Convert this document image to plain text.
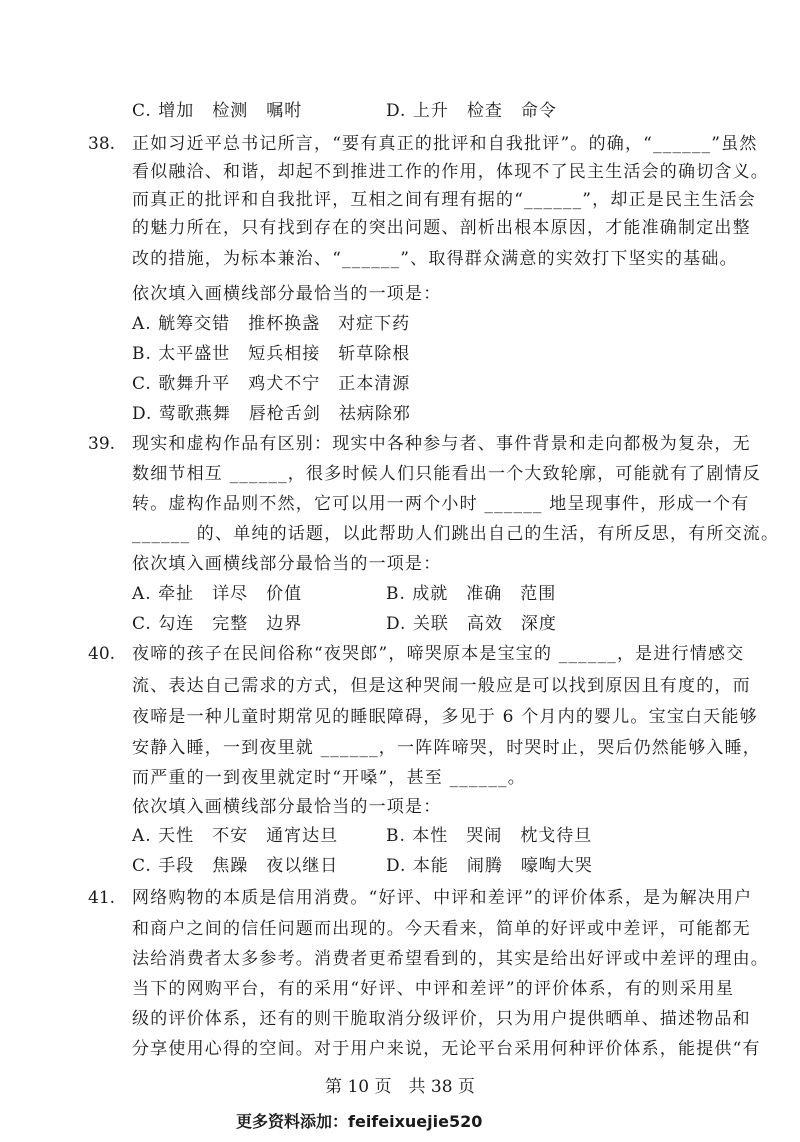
C. 增加　检测　嘱咐	D. 上升　检查　命令
38. 正如习近平总书记所言，“要有真正的批评和自我批评”。的确，“______”虽然
看似融洽、和谐，却起不到推进工作的作用，体现不了民主生活会的确切含义。
而真正的批评和自我批评，互相之间有理有据的“______”，却正是民主生活会
的魅力所在，只有找到存在的突出问题、剖析出根本原因，才能准确制定出整
改的措施，为标本兼治、“______”、取得群众满意的实效打下坚实的基础。
依次填入画横线部分最恰当的一项是：
A. 觥筹交错　推杯换盏　对症下药
B. 太平盛世　短兵相接　斩草除根
C. 歌舞升平　鸡犬不宁　正本清源
D. 莺歌燕舞　唇枪舌剑　祛病除邪
39. 现实和虚构作品有区别：现实中各种参与者、事件背景和走向都极为复杂，无
数细节相互 ______，很多时候人们只能看出一个大致轮廓，可能就有了剧情反
转。虚构作品则不然，它可以用一两个小时 ______ 地呈现事件，形成一个有
______ 的、单纯的话题，以此帮助人们跳出自己的生活，有所反思，有所交流。
依次填入画横线部分最恰当的一项是：
A. 牵扯　详尽　价值	B. 成就　准确　范围
C. 勾连　完整　边界	D. 关联　高效　深度
40. 夜啼的孩子在民间俗称“夜哭郎”，啼哭原本是宝宝的 ______，是进行情感交
流、表达自己需求的方式，但是这种哭闹一般应是可以找到原因且有度的，而
夜啼是一种儿童时期常见的睡眠障碍，多见于 6 个月内的婴儿。宝宝白天能够
安静入睡，一到夜里就 ______，一阵阵啼哭，时哭时止，哭后仍然能够入睡，
而严重的一到夜里就定时“开嗓”，甚至 ______。
依次填入画横线部分最恰当的一项是：
A. 天性　不安　通宵达旦	B. 本性　哭闹　枕戈待旦
C. 手段　焦躁　夜以继日	D. 本能　闹腾　嚎啕大哭
41. 网络购物的本质是信用消费。“好评、中评和差评”的评价体系，是为解决用户
和商户之间的信任问题而出现的。今天看来，简单的好评或中差评，可能都无
法给消费者太多参考。消费者更希望看到的，其实是给出好评或中差评的理由。
当下的网购平台，有的采用“好评、中评和差评”的评价体系，有的则采用星
级的评价体系，还有的则干脆取消分级评价，只为用户提供晒单、描述物品和
分享使用心得的空间。对于用户来说，无论平台采用何种评价体系，能提供“有
第 10 页　共 38 页
更多资料添加：feifeixuejie520
